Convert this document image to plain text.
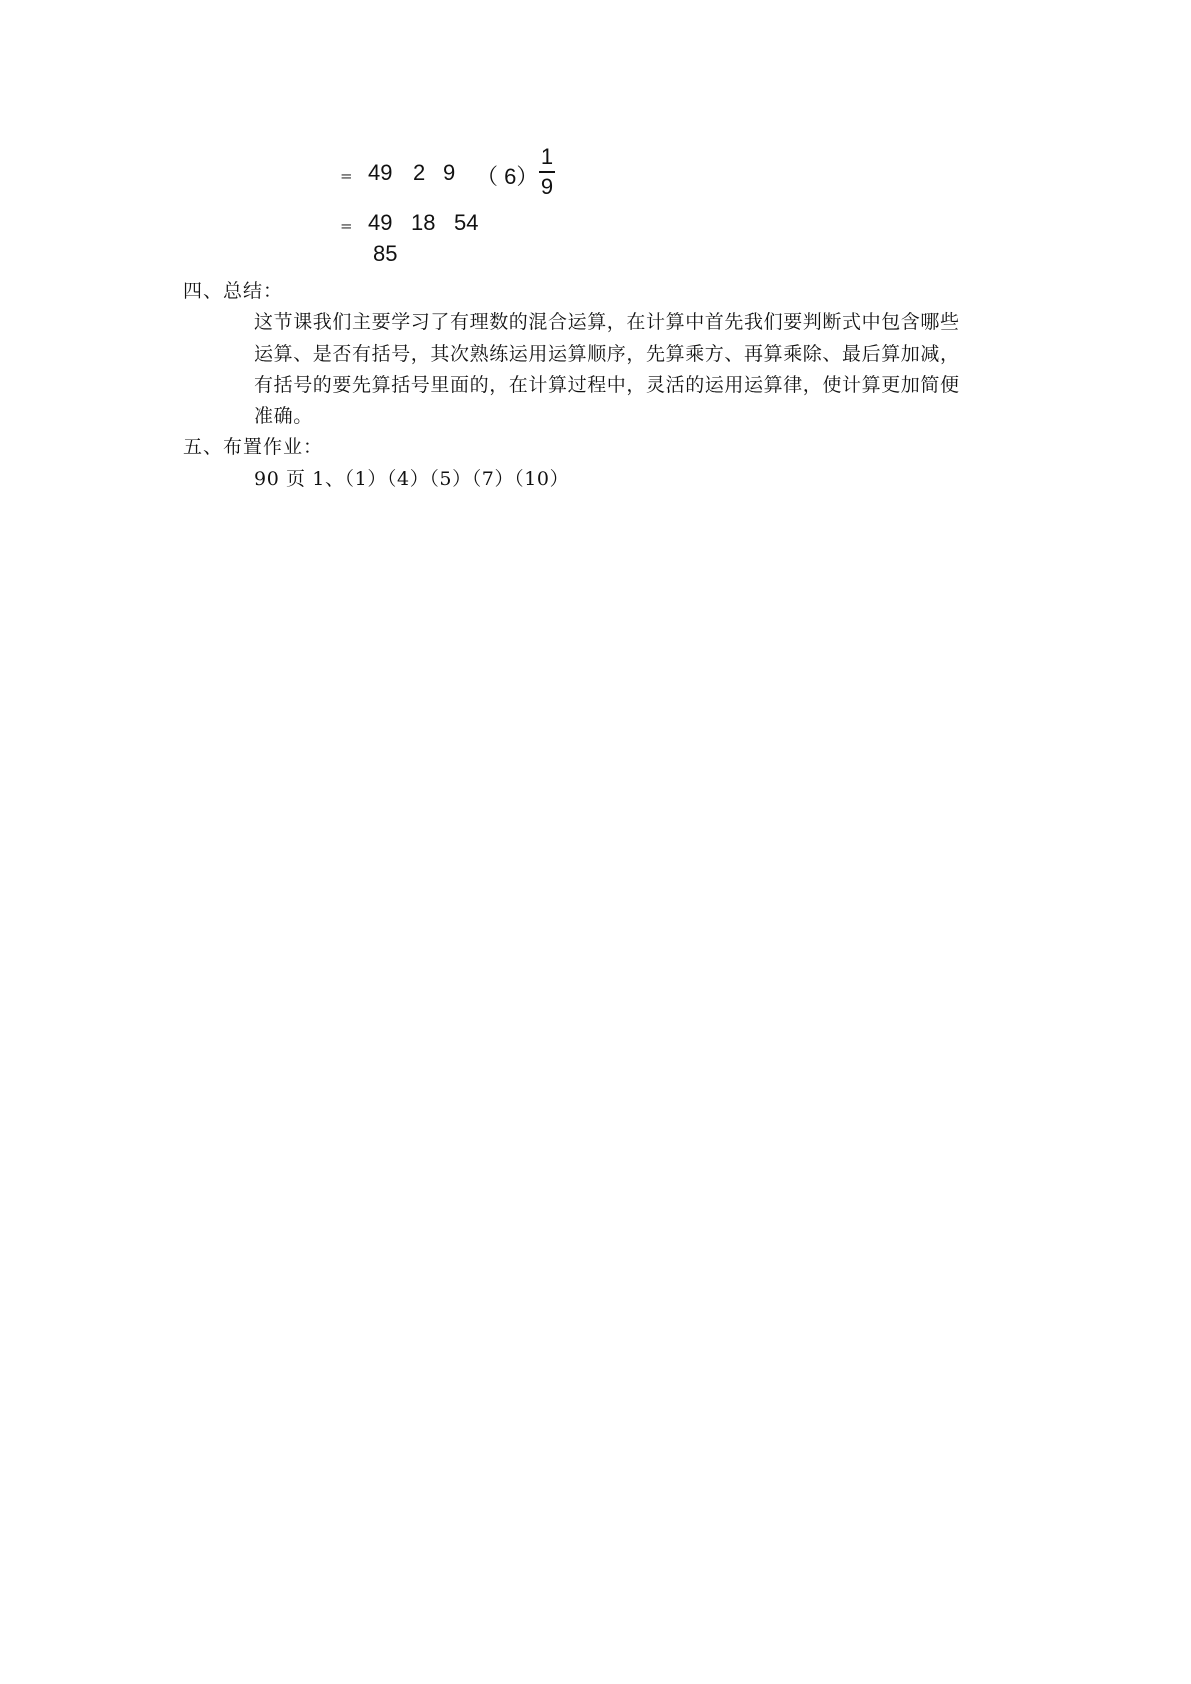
= 49 2 9 （ 6）
1
9
= 49 18 54
85
四、总结：
这节课我们主要学习了有理数的混合运算，在计算中首先我们要判断式中包含哪些
运算、是否有括号，其次熟练运用运算顺序，先算乘方、再算乘除、最后算加减，
有括号的要先算括号里面的，在计算过程中，灵活的运用运算律，使计算更加简便
准确。
五、布置作业：
90 页 1、（1）（4）（5）（7）（10）
